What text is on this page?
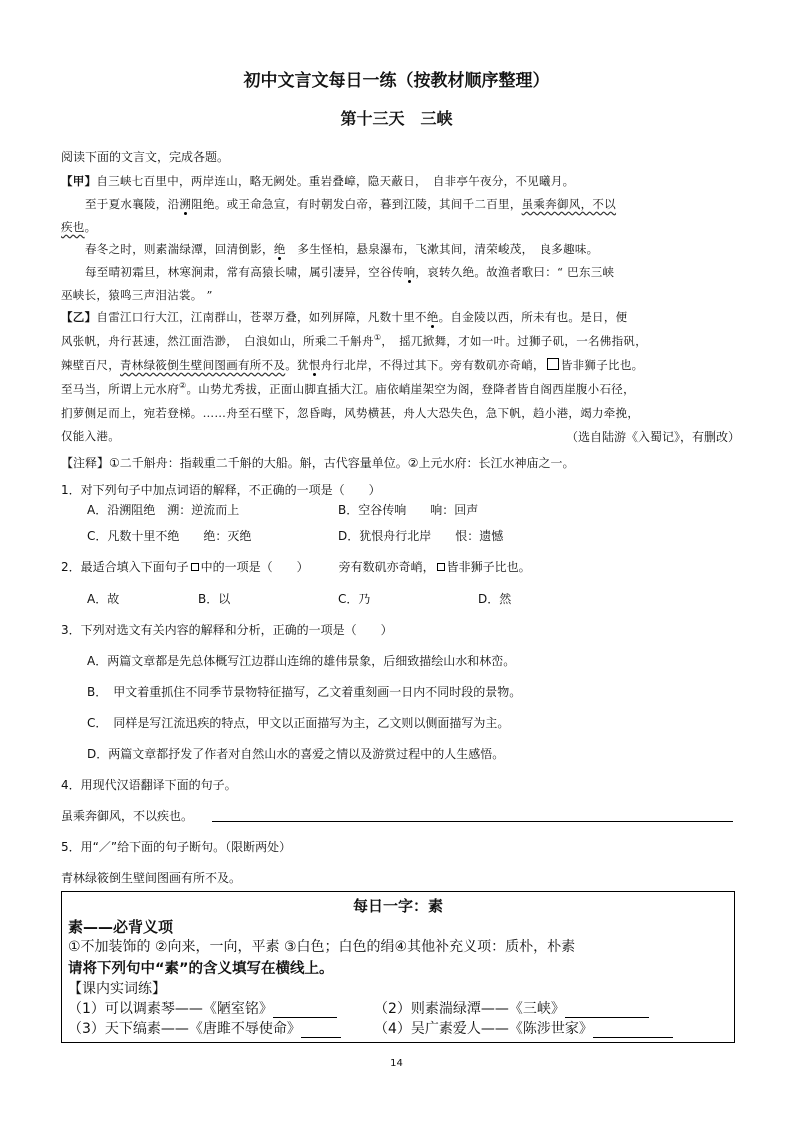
初中文言文每日一练（按教材顺序整理）
第十三天　三峡
阅读下面的文言文，完成各题。
【甲】自三峡七百里中，两岸连山，略无阙处。重岩叠嶂，隐天蔽日，　自非亭午夜分，不见曦月。
至于夏水襄陵，沿溯阻绝。或王命急宣，有时朝发白帝，暮到江陵，其间千二百里，虽乘奔御风，不以
疾也。
春冬之时，则素湍绿潭，回清倒影，绝　多生怪柏，悬泉瀑布，飞漱其间，清荣峻茂，　良多趣味。
每至晴初霜旦，林寒涧肃，常有高猿长啸，属引凄异，空谷传响，哀转久绝。故渔者歌曰：“ 巴东三峡
巫峡长，猿鸣三声泪沾裳。 ”
【乙】自雷江口行大江，江南群山，苍翠万叠，如列屏障，凡数十里不绝。自金陵以西，所未有也。是日，便
风张帆，舟行甚速，然江面浩渺，　白浪如山，所乘二千斛舟①，　摇兀掀舞，才如一叶。过狮子矶，一名佛指矾，
辣壁百尺，青林绿筱倒生壁间图画有所不及。犹恨舟行北岸，不得过其下。旁有数矶亦奇峭， 皆非狮子比也。
至马当，所谓上元水府②。山势尤秀拔，正面山脚直插大江。庙依峭崖架空为阁，登降者皆自阁西崖腹小石径，
扪萝侧足而上，宛若登梯。……舟至石壁下，忽昏晦，风势横甚，舟人大恐失色，急下帆，趋小港，竭力牵挽，
仅能入港。	（选自陆游《入蜀记》，有删改）
【注释】①二千斛舟：指载重二千斛的大船。斛，古代容量单位。②上元水府：长江水神庙之一。
1．对下列句子中加点词语的解释，不正确的一项是（　　）
A．沿溯阻绝　溯：逆流而上	B．空谷传响　　响：回声
C．凡数十里不绝　　绝：灭绝	D．犹恨舟行北岸　　恨：遗憾
2．最适合填入下面句子 中的一项是（　　）　　　旁有数矶亦奇峭， 皆非狮子比也。
A．故	B．以	C．乃	D．然
3．下列对选文有关内容的解释和分析，正确的一项是（　　）
A．两篇文章都是先总体概写江边群山连绵的雄伟景象，后细致描绘山水和林峦。
B．　甲文着重抓住不同季节景物特征描写，乙文着重刻画一日内不同时段的景物。
C．　同样是写江流迅疾的特点，甲文以正面描写为主，乙文则以侧面描写为主。
D．两篇文章都抒发了作者对自然山水的喜爱之情以及游赏过程中的人生感悟。
4．用现代汉语翻译下面的句子。
虽乘奔御风，不以疾也。
5．用“／”给下面的句子断句。（限断两处）
青林绿筱倒生壁间图画有所不及。
每日一字：素
素——必背义项
①不加装饰的 ②向来，一向，平素 ③白色；白色的绢④其他补充义项：质朴，朴素
请将下列句中“素”的含义填写在横线上。
【课内实词练】
（1）可以调素琴——《陋室铭》	（2）则素湍绿潭——《三峡》
（3）天下缟素——《唐雎不辱使命》	（4）吴广素爱人——《陈涉世家》
14
